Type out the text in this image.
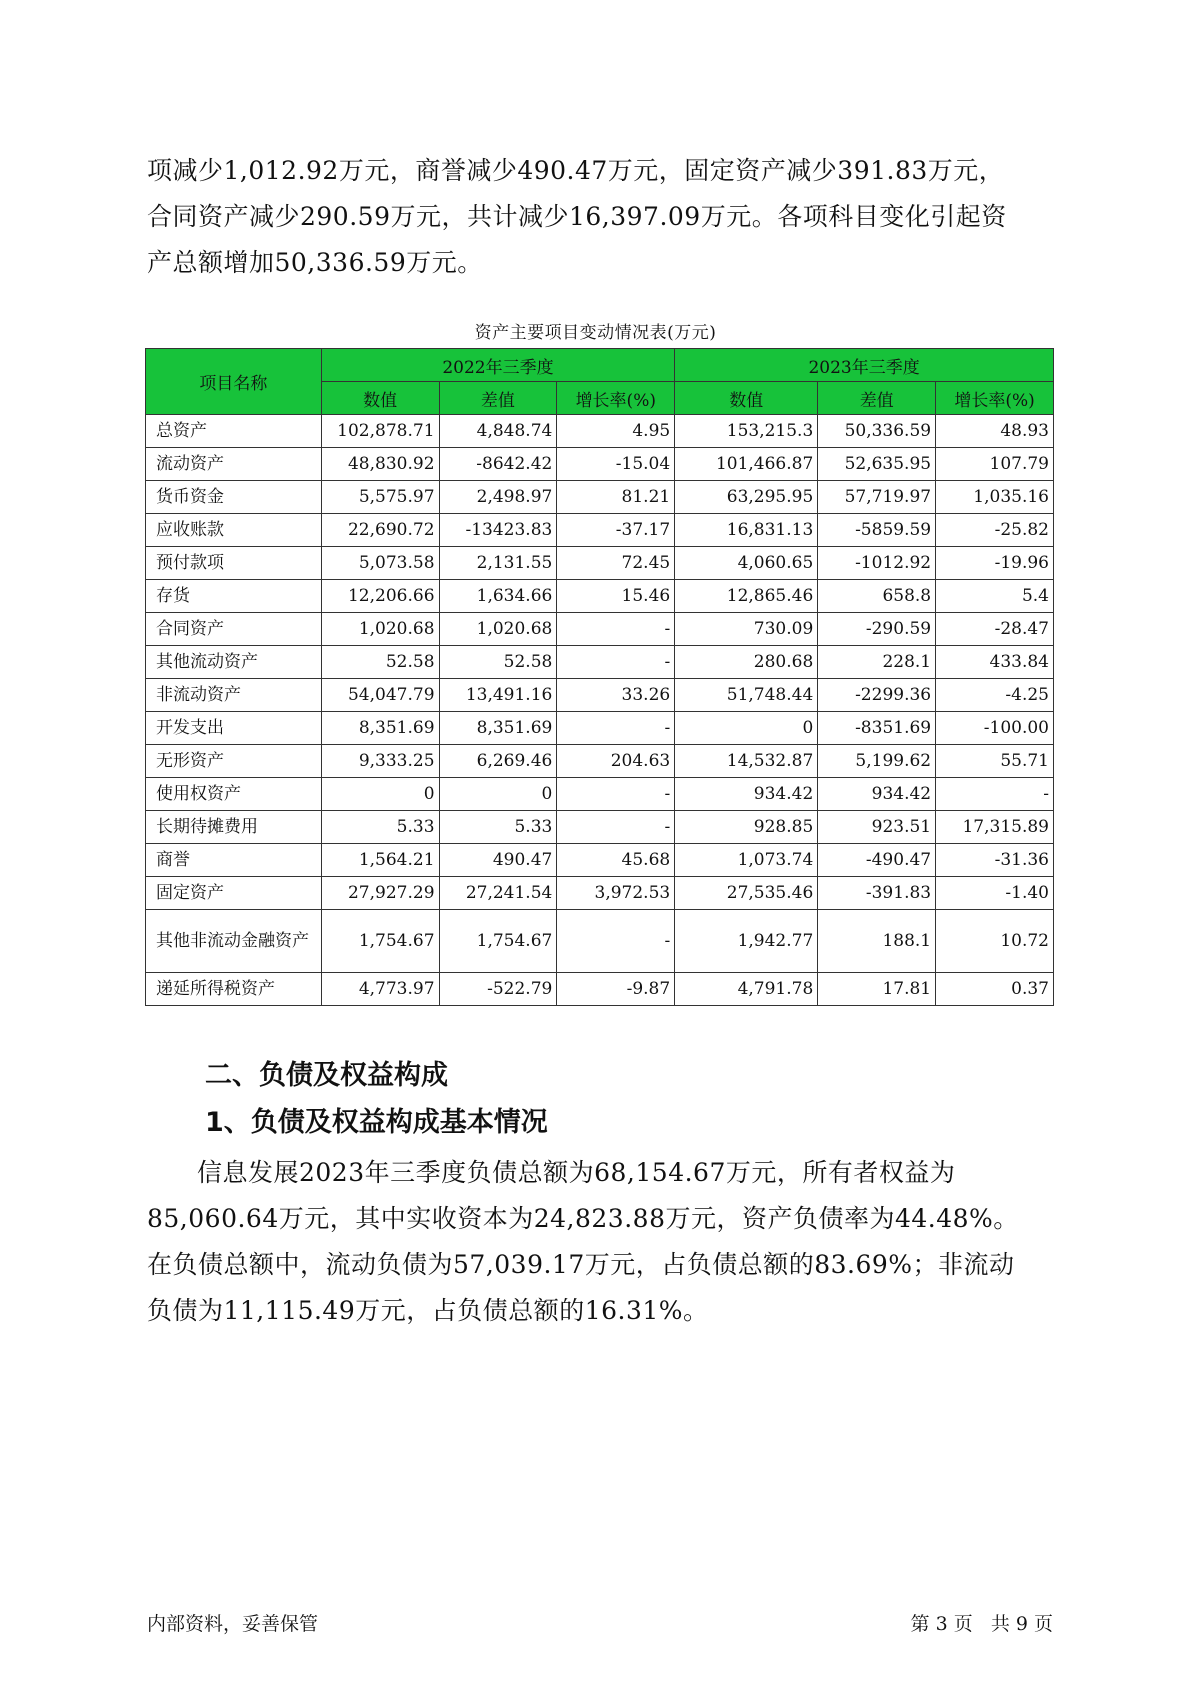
项减少1,012.92万元，商誉减少490.47万元，固定资产减少391.83万元，
合同资产减少290.59万元，共计减少16,397.09万元。各项科目变化引起资
产总额增加50,336.59万元。
资产主要项目变动情况表(万元)
项目名称	2022年三季度			2023年三季度		
	数值	差值	增长率(%)	数值	差值	增长率(%)
总资产	102,878.71	4,848.74	4.95	153,215.3	50,336.59	48.93
流动资产	48,830.92	-8642.42	-15.04	101,466.87	52,635.95	107.79
货币资金	5,575.97	2,498.97	81.21	63,295.95	57,719.97	1,035.16
应收账款	22,690.72	-13423.83	-37.17	16,831.13	-5859.59	-25.82
预付款项	5,073.58	2,131.55	72.45	4,060.65	-1012.92	-19.96
存货	12,206.66	1,634.66	15.46	12,865.46	658.8	5.4
合同资产	1,020.68	1,020.68	-	730.09	-290.59	-28.47
其他流动资产	52.58	52.58	-	280.68	228.1	433.84
非流动资产	54,047.79	13,491.16	33.26	51,748.44	-2299.36	-4.25
开发支出	8,351.69	8,351.69	-	0	-8351.69	-100.00
无形资产	9,333.25	6,269.46	204.63	14,532.87	5,199.62	55.71
使用权资产	0	0	-	934.42	934.42	-
长期待摊费用	5.33	5.33	-	928.85	923.51	17,315.89
商誉	1,564.21	490.47	45.68	1,073.74	-490.47	-31.36
固定资产	27,927.29	27,241.54	3,972.53	27,535.46	-391.83	-1.40
其他非流动金融资产	1,754.67	1,754.67	-	1,942.77	188.1	10.72
递延所得税资产	4,773.97	-522.79	-9.87	4,791.78	17.81	0.37
二、负债及权益构成
1、负债及权益构成基本情况
信息发展2023年三季度负债总额为68,154.67万元，所有者权益为
85,060.64万元，其中实收资本为24,823.88万元，资产负债率为44.48%。
在负债总额中，流动负债为57,039.17万元，占负债总额的83.69%；非流动
负债为11,115.49万元，占负债总额的16.31%。
内部资料，妥善保管	第 3 页   共 9 页
